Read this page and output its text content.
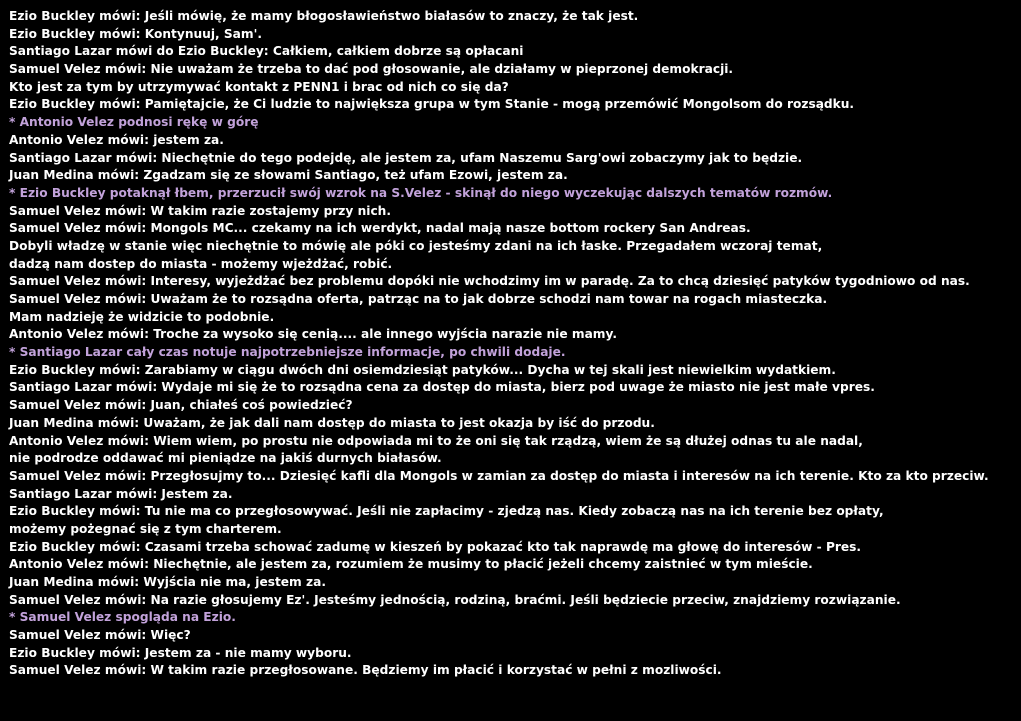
Ezio Buckley mówi: Jeśli mówię, że mamy błogosławieństwo białasów to znaczy, że tak jest.
Ezio Buckley mówi: Kontynuuj, Sam'.
Santiago Lazar mówi do Ezio Buckley: Całkiem, całkiem dobrze są opłacani
Samuel Velez mówi: Nie uważam że trzeba to dać pod głosowanie, ale działamy w pieprzonej demokracji.
Kto jest za tym by utrzymywać kontakt z PENN1 i brac od nich co się da?
Ezio Buckley mówi: Pamiętajcie, że Ci ludzie to największa grupa w tym Stanie - mogą przemówić Mongolsom do rozsądku.
* Antonio Velez podnosi rękę w górę
Antonio Velez mówi: jestem za.
Santiago Lazar mówi: Niechętnie do tego podejdę, ale jestem za, ufam Naszemu Sarg'owi zobaczymy jak to będzie.
Juan Medina mówi: Zgadzam się ze słowami Santiago, też ufam Ezowi, jestem za.
* Ezio Buckley potaknął łbem, przerzucił swój wzrok na S.Velez - skinął do niego wyczekując dalszych tematów rozmów.
Samuel Velez mówi: W takim razie zostajemy przy nich.
Samuel Velez mówi: Mongols MC... czekamy na ich werdykt, nadal mają nasze bottom rockery San Andreas.
Dobyli władzę w stanie więc niechętnie to mówię ale póki co jesteśmy zdani na ich łaske. Przegadałem wczoraj temat,
dadzą nam dostep do miasta - możemy wjeżdżać, robić.
Samuel Velez mówi: Interesy, wyjeżdżać bez problemu dopóki nie wchodzimy im w paradę. Za to chcą dziesięć patyków tygodniowo od nas.
Samuel Velez mówi: Uważam że to rozsądna oferta, patrząc na to jak dobrze schodzi nam towar na rogach miasteczka.
Mam nadzieję że widzicie to podobnie.
Antonio Velez mówi: Troche za wysoko się cenią.... ale innego wyjścia narazie nie mamy.
* Santiago Lazar cały czas notuje najpotrzebniejsze informacje, po chwili dodaje.
Ezio Buckley mówi: Zarabiamy w ciągu dwóch dni osiemdziesiąt patyków... Dycha w tej skali jest niewielkim wydatkiem.
Santiago Lazar mówi: Wydaje mi się że to rozsądna cena za dostęp do miasta, bierz pod uwage że miasto nie jest małe vpres.
Samuel Velez mówi: Juan, chiałeś coś powiedzieć?
Juan Medina mówi: Uważam, że jak dali nam dostęp do miasta to jest okazja by iść do przodu.
Antonio Velez mówi: Wiem wiem, po prostu nie odpowiada mi to że oni się tak rządzą, wiem że są dłużej odnas tu ale nadal,
nie podrodze oddawać mi pieniądze na jakiś durnych białasów.
Samuel Velez mówi: Przegłosujmy to... Dziesięć kafli dla Mongols w zamian za dostęp do miasta i interesów na ich terenie. Kto za kto przeciw.
Santiago Lazar mówi: Jestem za.
Ezio Buckley mówi: Tu nie ma co przegłosowywać. Jeśli nie zapłacimy - zjedzą nas. Kiedy zobaczą nas na ich terenie bez opłaty,
możemy pożegnać się z tym charterem.
Ezio Buckley mówi: Czasami trzeba schować zadumę w kieszeń by pokazać kto tak naprawdę ma głowę do interesów - Pres.
Antonio Velez mówi: Niechętnie, ale jestem za, rozumiem że musimy to płacić jeżeli chcemy zaistnieć w tym mieście.
Juan Medina mówi: Wyjścia nie ma, jestem za.
Samuel Velez mówi: Na razie głosujemy Ez'. Jesteśmy jednością, rodziną, braćmi. Jeśli będziecie przeciw, znajdziemy rozwiązanie.
* Samuel Velez spogląda na Ezio.
Samuel Velez mówi: Więc?
Ezio Buckley mówi: Jestem za - nie mamy wyboru.
Samuel Velez mówi: W takim razie przegłosowane. Będziemy im płacić i korzystać w pełni z mozliwości.
